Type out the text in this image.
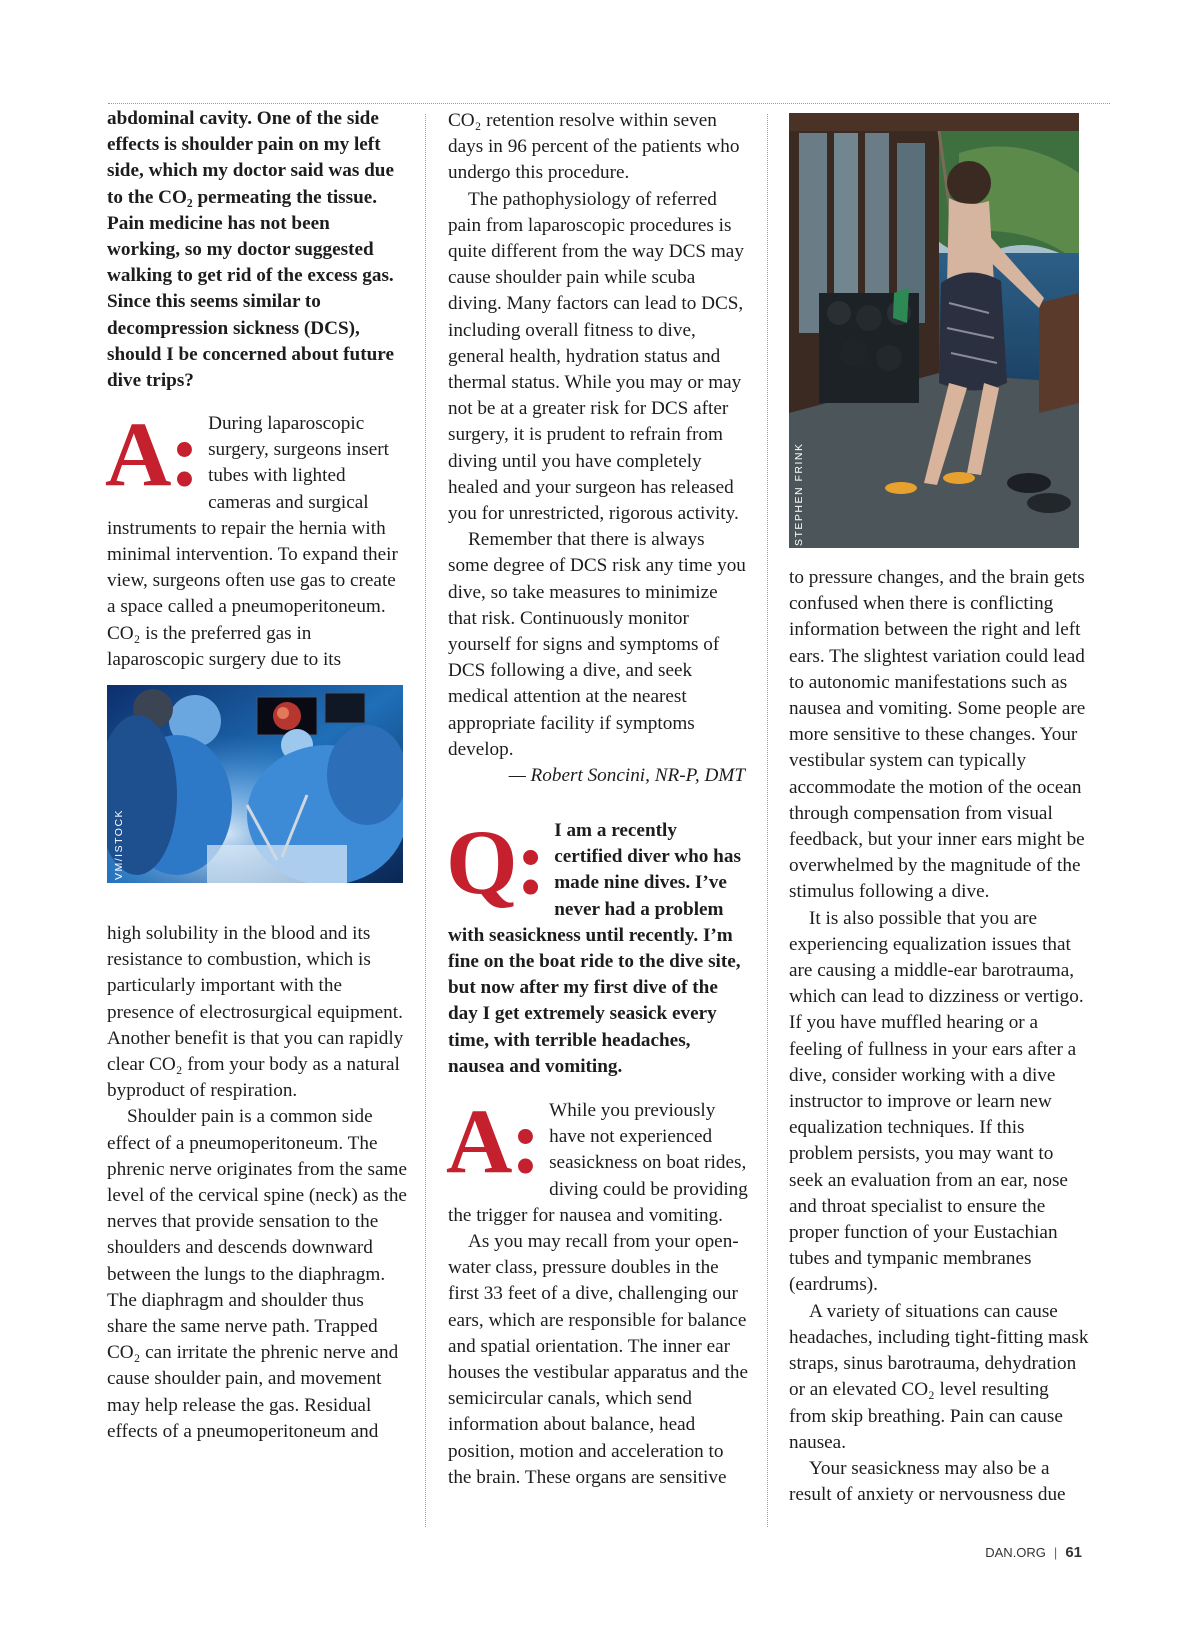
abdominal cavity. One of the side effects is shoulder pain on my left side, which my doctor said was due to the CO₂ permeating the tissue. Pain medicine has not been working, so my doctor suggested walking to get rid of the excess gas. Since this seems similar to decompression sickness (DCS), should I be concerned about future dive trips?

A: During laparoscopic surgery, surgeons insert tubes with lighted cameras and surgical instruments to repair the hernia with minimal intervention. To expand their view, surgeons often use gas to create a space called a pneumoperitoneum. CO₂ is the preferred gas in laparoscopic surgery due to its

VM/ISTOCK

high solubility in the blood and its resistance to combustion, which is particularly important with the presence of electrosurgical equipment. Another benefit is that you can rapidly clear CO₂ from your body as a natural byproduct of respiration.

Shoulder pain is a common side effect of a pneumoperitoneum. The phrenic nerve originates from the same level of the cervical spine (neck) as the nerves that provide sensation to the shoulders and descends downward between the lungs to the diaphragm. The diaphragm and shoulder thus share the same nerve path. Trapped CO₂ can irritate the phrenic nerve and cause shoulder pain, and movement may help release the gas. Residual effects of a pneumoperitoneum and

CO₂ retention resolve within seven days in 96 percent of the patients who undergo this procedure.

The pathophysiology of referred pain from laparoscopic procedures is quite different from the way DCS may cause shoulder pain while scuba diving. Many factors can lead to DCS, including overall fitness to dive, general health, hydration status and thermal status. While you may or may not be at a greater risk for DCS after surgery, it is prudent to refrain from diving until you have completely healed and your surgeon has released you for unrestricted, rigorous activity.

Remember that there is always some degree of DCS risk any time you dive, so take measures to minimize that risk. Continuously monitor yourself for signs and symptoms of DCS following a dive, and seek medical attention at the nearest appropriate facility if symptoms develop.

— Robert Soncini, NR-P, DMT

Q: I am a recently certified diver who has made nine dives. I’ve never had a problem with seasickness until recently. I’m fine on the boat ride to the dive site, but now after my first dive of the day I get extremely seasick every time, with terrible headaches, nausea and vomiting.

A: While you previously have not experienced seasickness on boat rides, diving could be providing the trigger for nausea and vomiting.

As you may recall from your open-water class, pressure doubles in the first 33 feet of a dive, challenging our ears, which are responsible for balance and spatial orientation. The inner ear houses the vestibular apparatus and the semicircular canals, which send information about balance, head position, motion and acceleration to the brain. These organs are sensitive

STEPHEN FRINK

to pressure changes, and the brain gets confused when there is conflicting information between the right and left ears. The slightest variation could lead to autonomic manifestations such as nausea and vomiting. Some people are more sensitive to these changes. Your vestibular system can typically accommodate the motion of the ocean through compensation from visual feedback, but your inner ears might be overwhelmed by the magnitude of the stimulus following a dive.

It is also possible that you are experiencing equalization issues that are causing a middle-ear barotrauma, which can lead to dizziness or vertigo. If you have muffled hearing or a feeling of fullness in your ears after a dive, consider working with a dive instructor to improve or learn new equalization techniques. If this problem persists, you may want to seek an evaluation from an ear, nose and throat specialist to ensure the proper function of your Eustachian tubes and tympanic membranes (eardrums).

A variety of situations can cause headaches, including tight-fitting mask straps, sinus barotrauma, dehydration or an elevated CO₂ level resulting from skip breathing. Pain can cause nausea.

Your seasickness may also be a result of anxiety or nervousness due

DAN.ORG | 61
